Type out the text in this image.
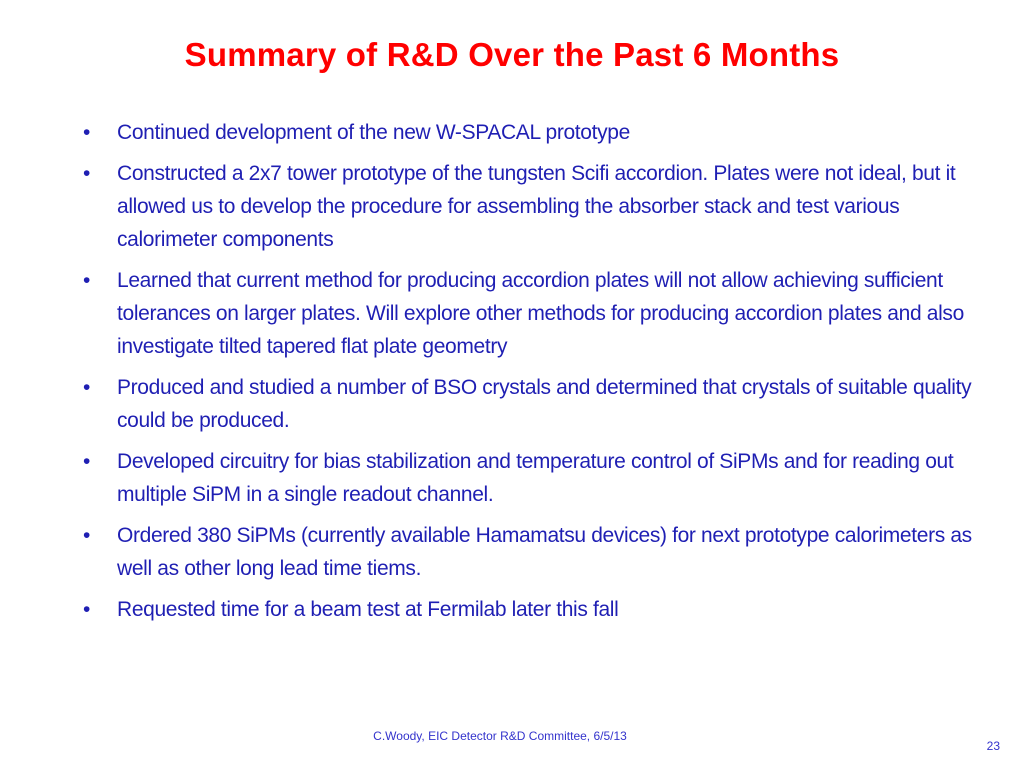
Summary of R&D Over the Past 6 Months
• Continued development of the new W-SPACAL prototype
• Constructed a 2x7 tower prototype of the tungsten Scifi accordion. Plates were not ideal, but it allowed us to develop the procedure for assembling the absorber stack and test various calorimeter components
• Learned that current method for producing accordion plates will not allow achieving sufficient tolerances on larger plates. Will explore other methods for producing accordion plates and also investigate tilted tapered flat plate geometry
• Produced and studied a number of BSO crystals and determined that crystals of suitable quality could be produced.
• Developed circuitry for bias stabilization and temperature control of SiPMs and for reading out multiple SiPM in a single readout channel.
• Ordered 380 SiPMs (currently available Hamamatsu devices) for next prototype calorimeters as well as other long lead time tiems.
• Requested time for a beam test at Fermilab later this fall
C.Woody, EIC Detector R&D Committee, 6/5/13
23
